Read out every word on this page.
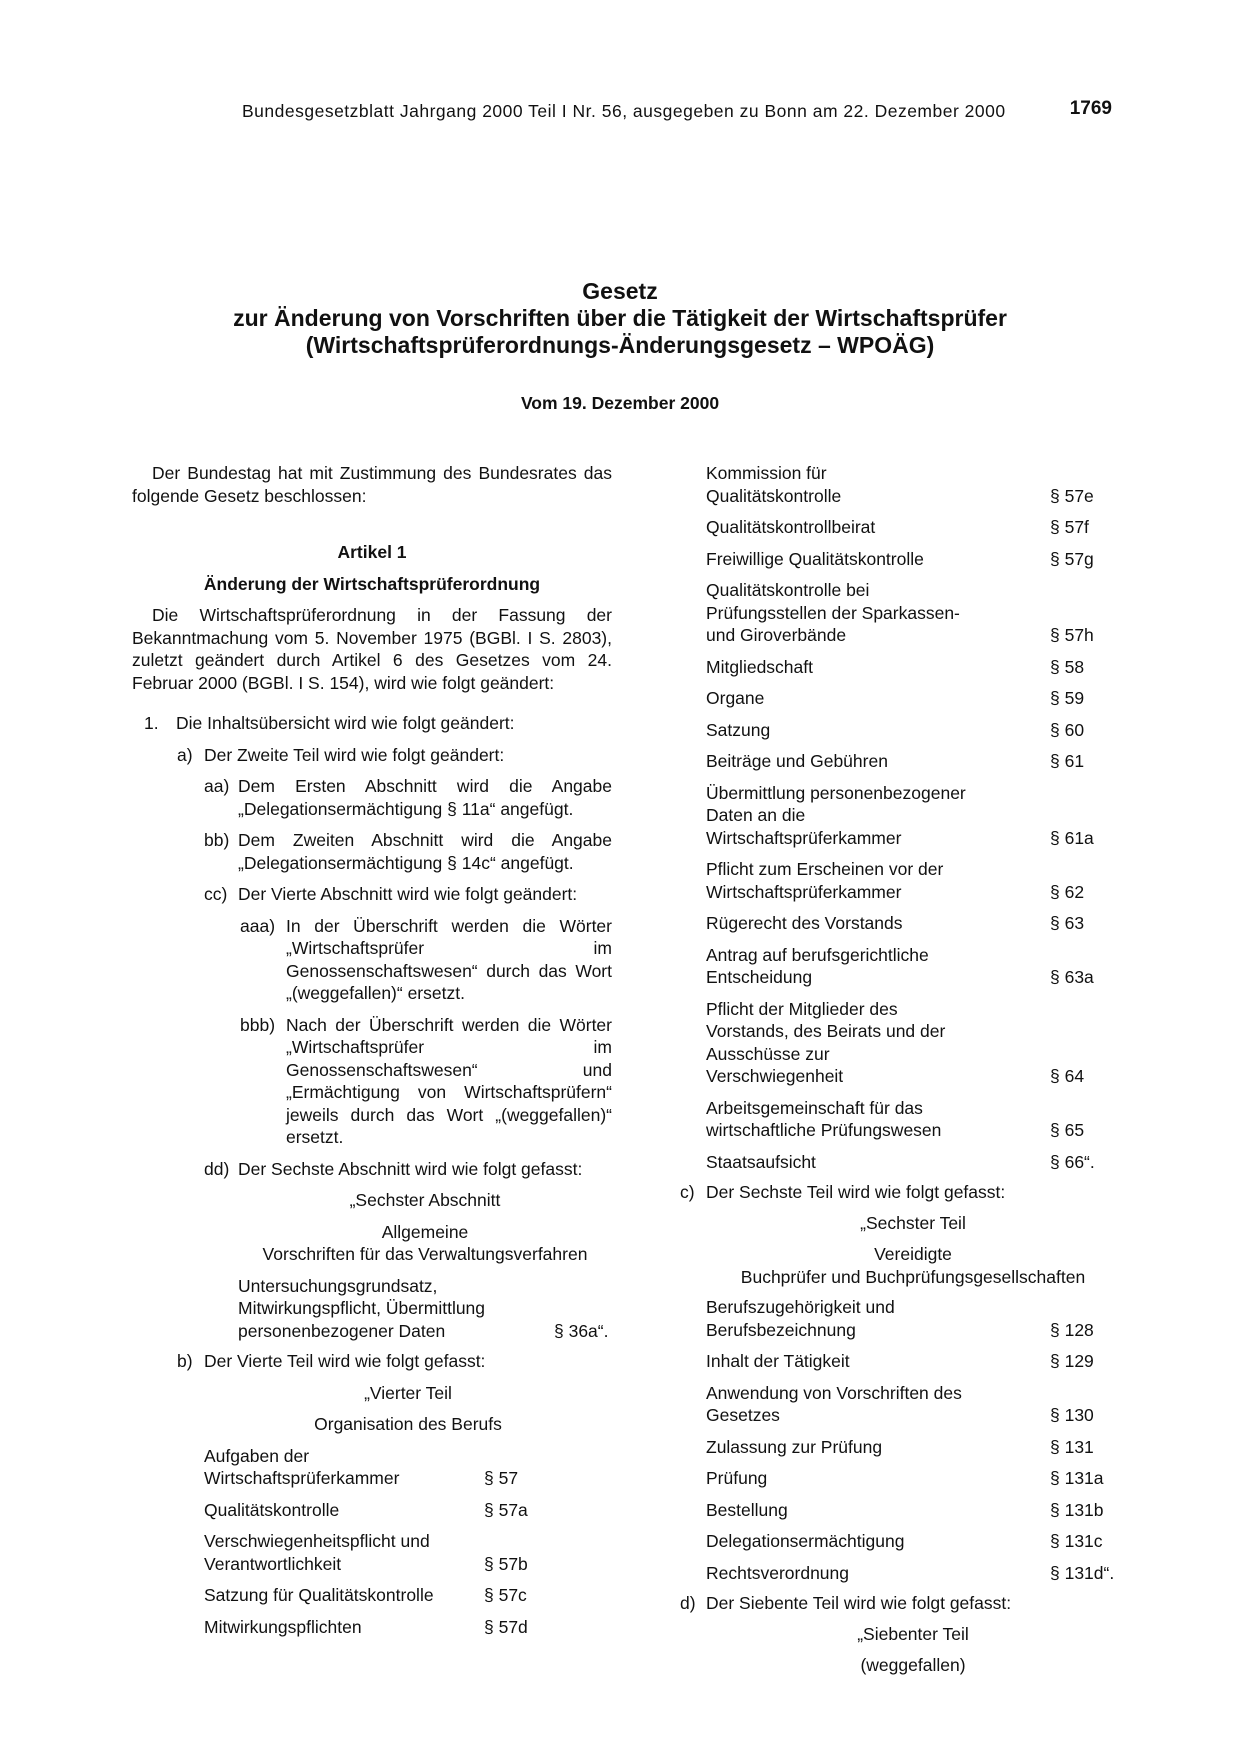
Bundesgesetzblatt Jahrgang 2000 Teil I Nr. 56, ausgegeben zu Bonn am 22. Dezember 2000	1769
Gesetz
zur Änderung von Vorschriften über die Tätigkeit der Wirtschaftsprüfer
(Wirtschaftsprüferordnungs-Änderungsgesetz – WPOÄG)
Vom 19. Dezember 2000

Der Bundestag hat mit Zustimmung des Bundesrates das folgende Gesetz beschlossen:

Artikel 1

Änderung der Wirtschaftsprüferordnung

Die Wirtschaftsprüferordnung in der Fassung der Bekanntmachung vom 5. November 1975 (BGBl. I S. 2803), zuletzt geändert durch Artikel 6 des Gesetzes vom 24. Februar 2000 (BGBl. I S. 154), wird wie folgt geändert:

1. Die Inhaltsübersicht wird wie folgt geändert:
a) Der Zweite Teil wird wie folgt geändert:
aa) Dem Ersten Abschnitt wird die Angabe „Delegationsermächtigung § 11a“ angefügt.
bb) Dem Zweiten Abschnitt wird die Angabe „Delegationsermächtigung § 14c“ angefügt.
cc) Der Vierte Abschnitt wird wie folgt geändert:
aaa) In der Überschrift werden die Wörter „Wirtschaftsprüfer im Genossenschaftswesen“ durch das Wort „(weggefallen)“ ersetzt.
bbb) Nach der Überschrift werden die Wörter „Wirtschaftsprüfer im Genossenschaftswesen“ und „Ermächtigung von Wirtschaftsprüfern“ jeweils durch das Wort „(weggefallen)“ ersetzt.
dd) Der Sechste Abschnitt wird wie folgt gefasst:

„Sechster Abschnitt

Allgemeine

Vorschriften für das Verwaltungsverfahren

Untersuchungsgrundsatz, Mitwirkungspflicht, Übermittlung personenbezogener Daten	§ 36a“.
b) Der Vierte Teil wird wie folgt gefasst:

„Vierter Teil

Organisation des Berufs

Aufgaben der Wirtschaftsprüferkammer	§ 57
Qualitätskontrolle	§ 57a
Verschwiegenheitspflicht und Verantwortlichkeit	§ 57b
Satzung für Qualitätskontrolle	§ 57c
Mitwirkungspflichten	§ 57d
Kommission für Qualitätskontrolle	§ 57e
Qualitätskontrollbeirat	§ 57f
Freiwillige Qualitätskontrolle	§ 57g
Qualitätskontrolle bei Prüfungsstellen der Sparkassen- und Giroverbände	§ 57h
Mitgliedschaft	§ 58
Organe	§ 59
Satzung	§ 60
Beiträge und Gebühren	§ 61
Übermittlung personenbezogener Daten an die Wirtschaftsprüferkammer	§ 61a
Pflicht zum Erscheinen vor der Wirtschaftsprüferkammer	§ 62
Rügerecht des Vorstands	§ 63
Antrag auf berufsgerichtliche Entscheidung	§ 63a
Pflicht der Mitglieder des Vorstands, des Beirats und der Ausschüsse zur Verschwiegenheit	§ 64
Arbeitsgemeinschaft für das wirtschaftliche Prüfungswesen	§ 65
Staatsaufsicht	§ 66“.
c) Der Sechste Teil wird wie folgt gefasst:

„Sechster Teil

Vereidigte

Buchprüfer und Buchprüfungsgesellschaften

Berufszugehörigkeit und Berufsbezeichnung	§ 128
Inhalt der Tätigkeit	§ 129
Anwendung von Vorschriften des Gesetzes	§ 130
Zulassung zur Prüfung	§ 131
Prüfung	§ 131a
Bestellung	§ 131b
Delegationsermächtigung	§ 131c
Rechtsverordnung	§ 131d“.
d) Der Siebente Teil wird wie folgt gefasst:

„Siebenter Teil

(weggefallen)
